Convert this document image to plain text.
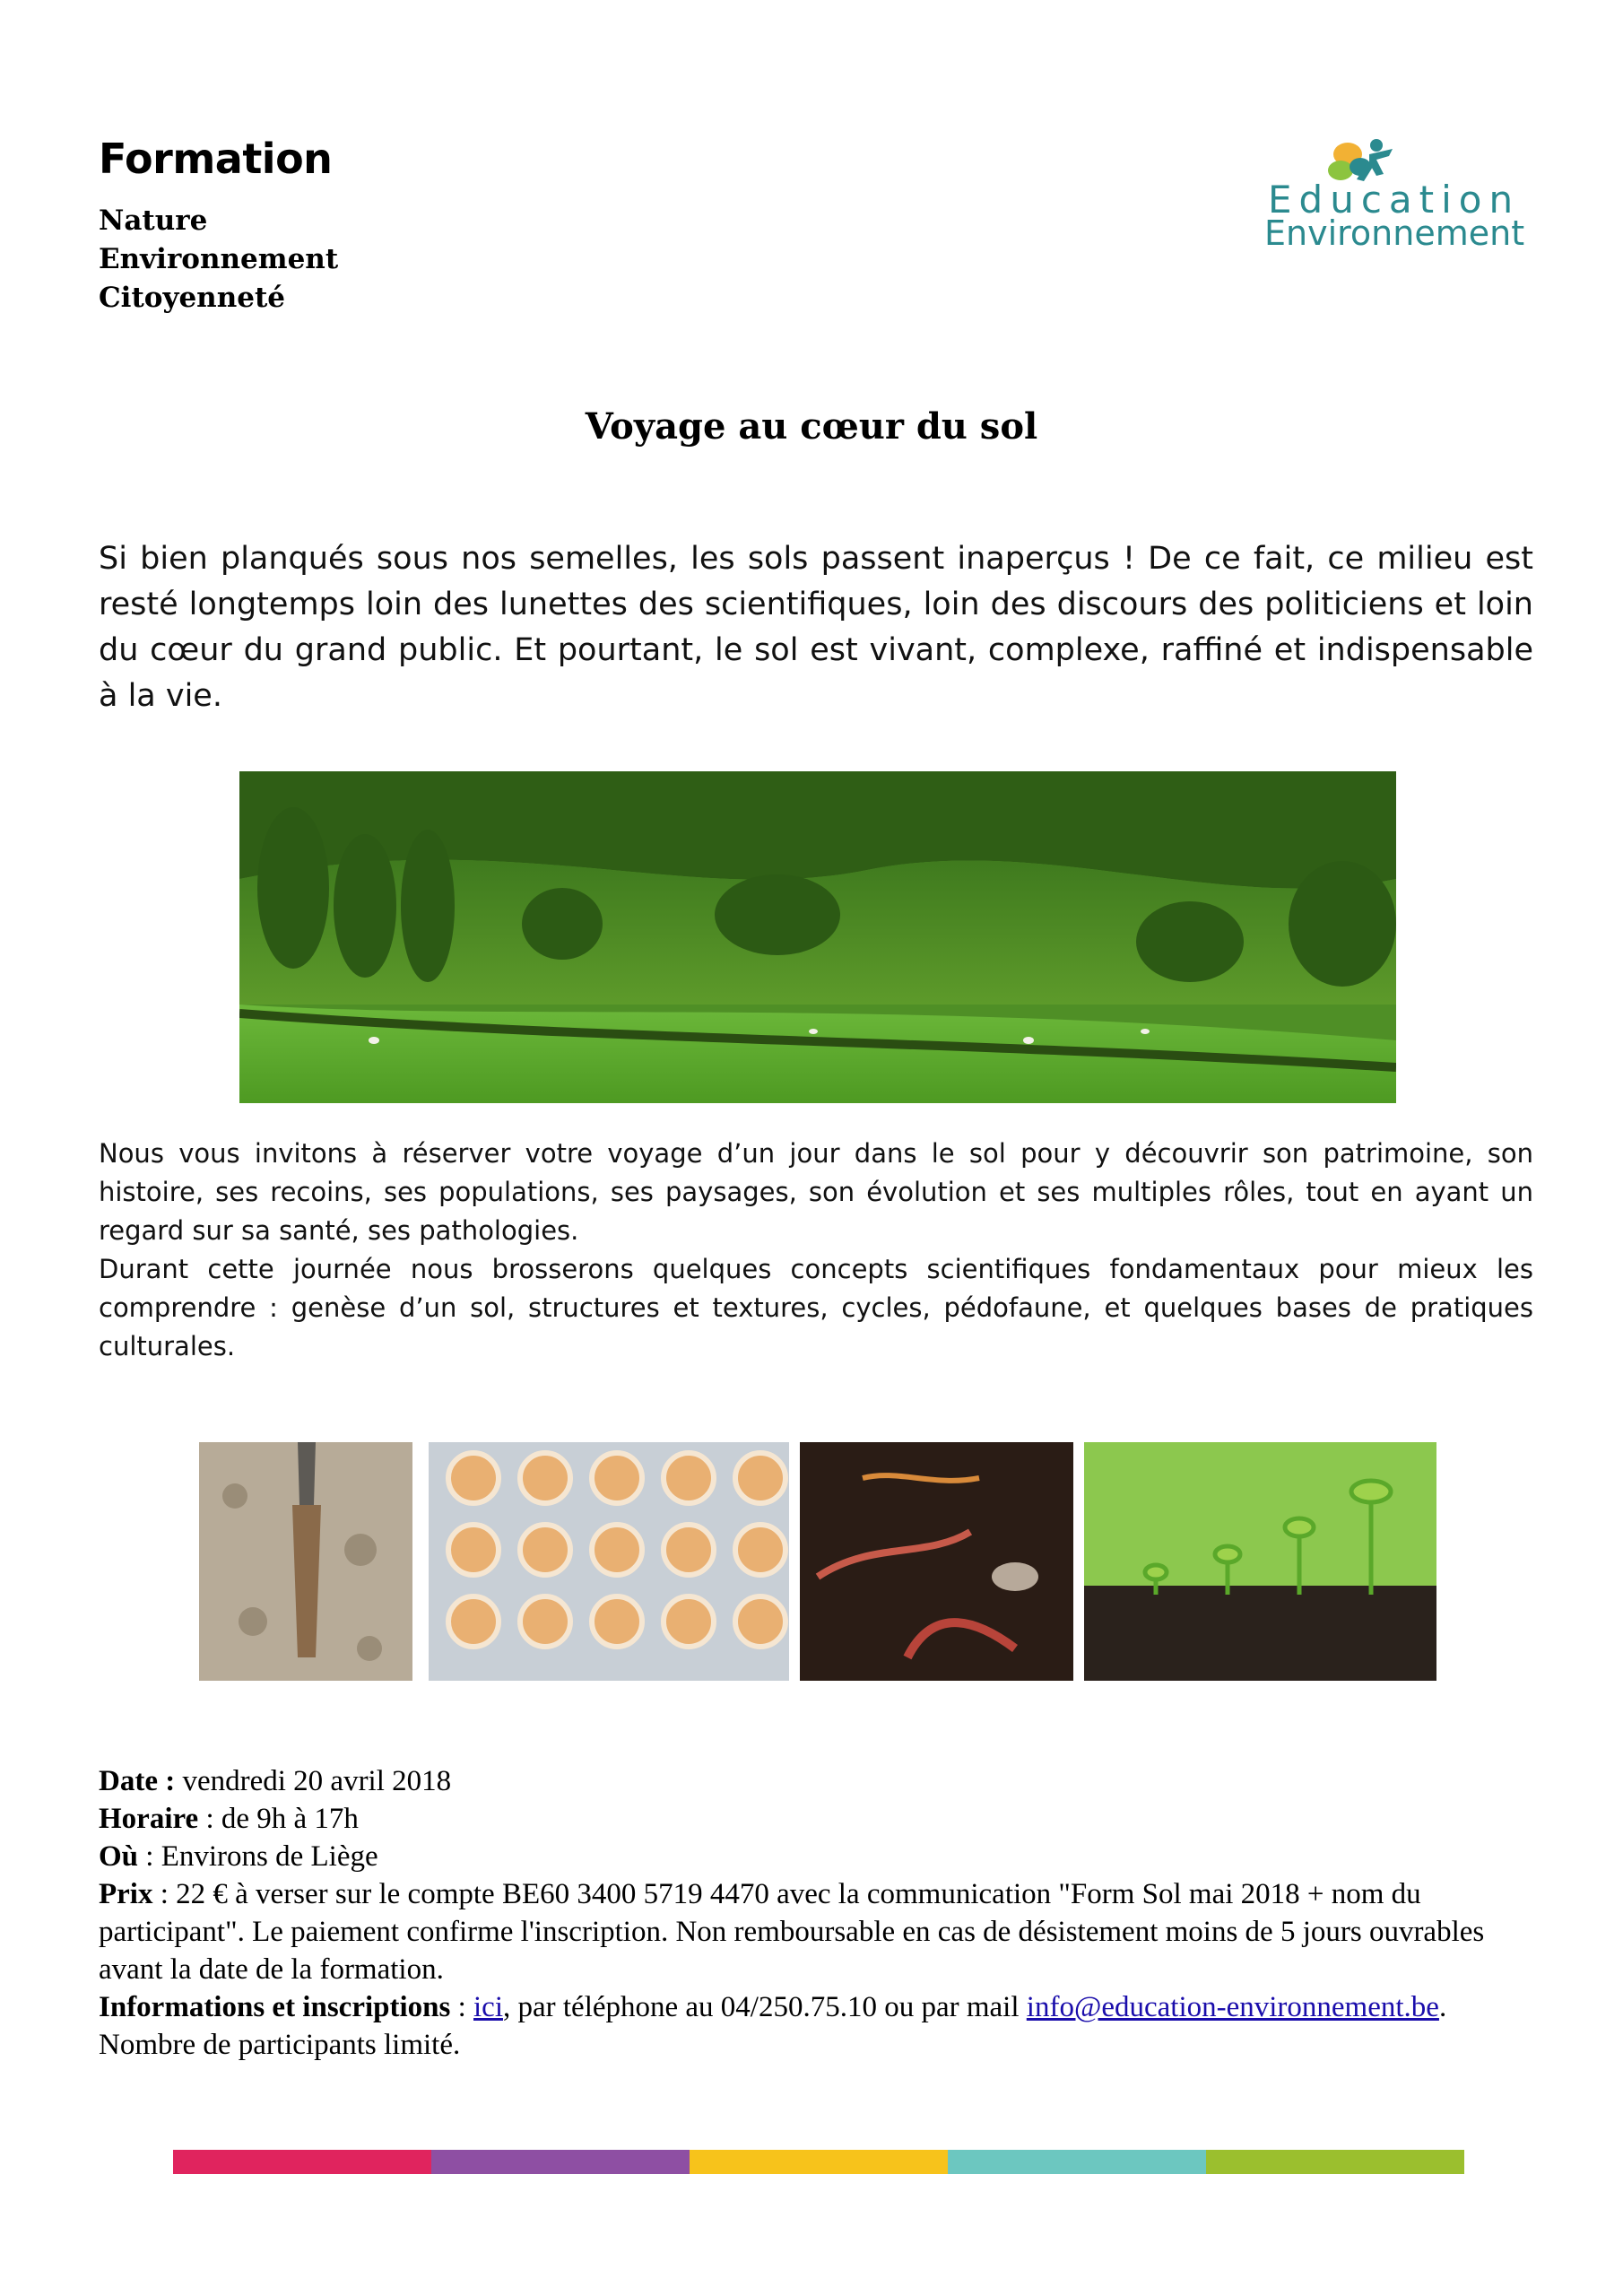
Formation
Nature
Environnement
Citoyenneté
Education
Environnement
Voyage au cœur du sol
Si bien planqués sous nos semelles, les sols passent inaperçus ! De ce fait, ce milieu est resté longtemps loin des lunettes des scientifiques, loin des discours des politiciens et loin du cœur du grand public. Et pourtant, le sol est vivant, complexe, raffiné et indispensable à la vie.

Nous vous invitons à réserver votre voyage d’un jour dans le sol pour y découvrir son patrimoine, son histoire, ses recoins, ses populations, ses paysages, son évolution et ses multiples rôles, tout en ayant un regard sur sa santé, ses pathologies.

Durant cette journée nous brosserons quelques concepts scientifiques fondamentaux pour mieux les comprendre : genèse d’un sol, structures et textures, cycles, pédofaune, et quelques bases de pratiques culturales.

Date : vendredi 20 avril 2018

Horaire : de 9h à 17h

Où : Environs de Liège

Prix : 22 € à verser sur le compte BE60 3400 5719 4470 avec la communication "Form Sol mai 2018 + nom du participant". Le paiement confirme l'inscription. Non remboursable en cas de désistement moins de 5 jours ouvrables avant la date de la formation.

Informations et inscriptions : ici, par téléphone au 04/250.75.10 ou par mail info@education-environnement.be. Nombre de participants limité.
